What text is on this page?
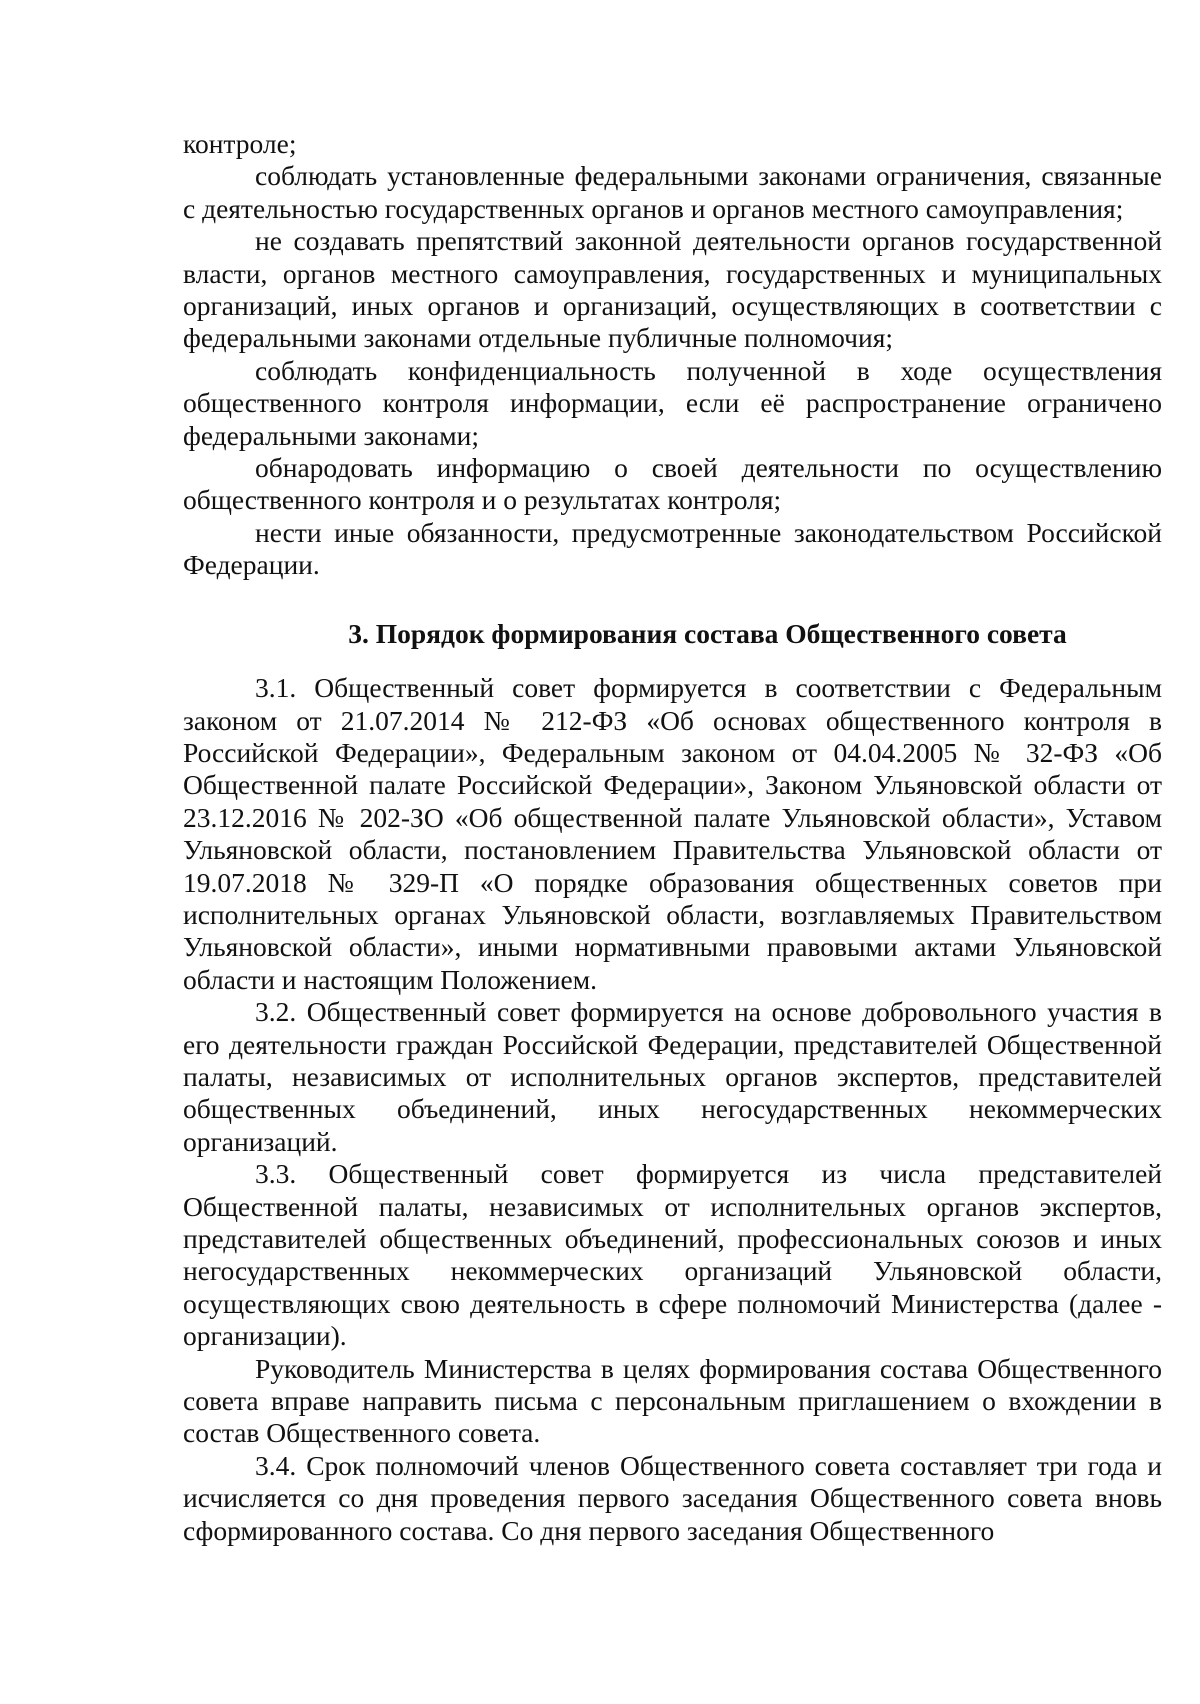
контроле;

соблюдать установленные федеральными законами ограничения, связанные с деятельностью государственных органов и органов местного самоуправления;

не создавать препятствий законной деятельности органов государственной власти, органов местного самоуправления, государственных и муниципальных организаций, иных органов и организаций, осуществляющих в соответствии с федеральными законами отдельные публичные полномочия;

соблюдать конфиденциальность полученной в ходе осуществления общественного контроля информации, если её распространение ограничено федеральными законами;

обнародовать информацию о своей деятельности по осуществлению общественного контроля и о результатах контроля;

нести иные обязанности, предусмотренные законодательством Российской Федерации.

3. Порядок формирования состава Общественного совета

3.1. Общественный совет формируется в соответствии с Федеральным законом от 21.07.2014 № 212-ФЗ «Об основах общественного контроля в Российской Федерации», Федеральным законом от 04.04.2005 № 32-ФЗ «Об Общественной палате Российской Федерации», Законом Ульяновской области от 23.12.2016 № 202-ЗО «Об общественной палате Ульяновской области», Уставом Ульяновской области, постановлением Правительства Ульяновской области от 19.07.2018 № 329-П «О порядке образования общественных советов при исполнительных органах Ульяновской области, возглавляемых Правительством Ульяновской области», иными нормативными правовыми актами Ульяновской области и настоящим Положением.

3.2. Общественный совет формируется на основе добровольного участия в его деятельности граждан Российской Федерации, представителей Общественной палаты, независимых от исполнительных органов экспертов, представителей общественных объединений, иных негосударственных некоммерческих организаций.

3.3. Общественный совет формируется из числа представителей Общественной палаты, независимых от исполнительных органов экспертов, представителей общественных объединений, профессиональных союзов и иных негосударственных некоммерческих организаций Ульяновской области, осуществляющих свою деятельность в сфере полномочий Министерства (далее - организации).

Руководитель Министерства в целях формирования состава Общественного совета вправе направить письма с персональным приглашением о вхождении в состав Общественного совета.

3.4. Срок полномочий членов Общественного совета составляет три года и исчисляется со дня проведения первого заседания Общественного совета вновь сформированного состава. Со дня первого заседания Общественного
